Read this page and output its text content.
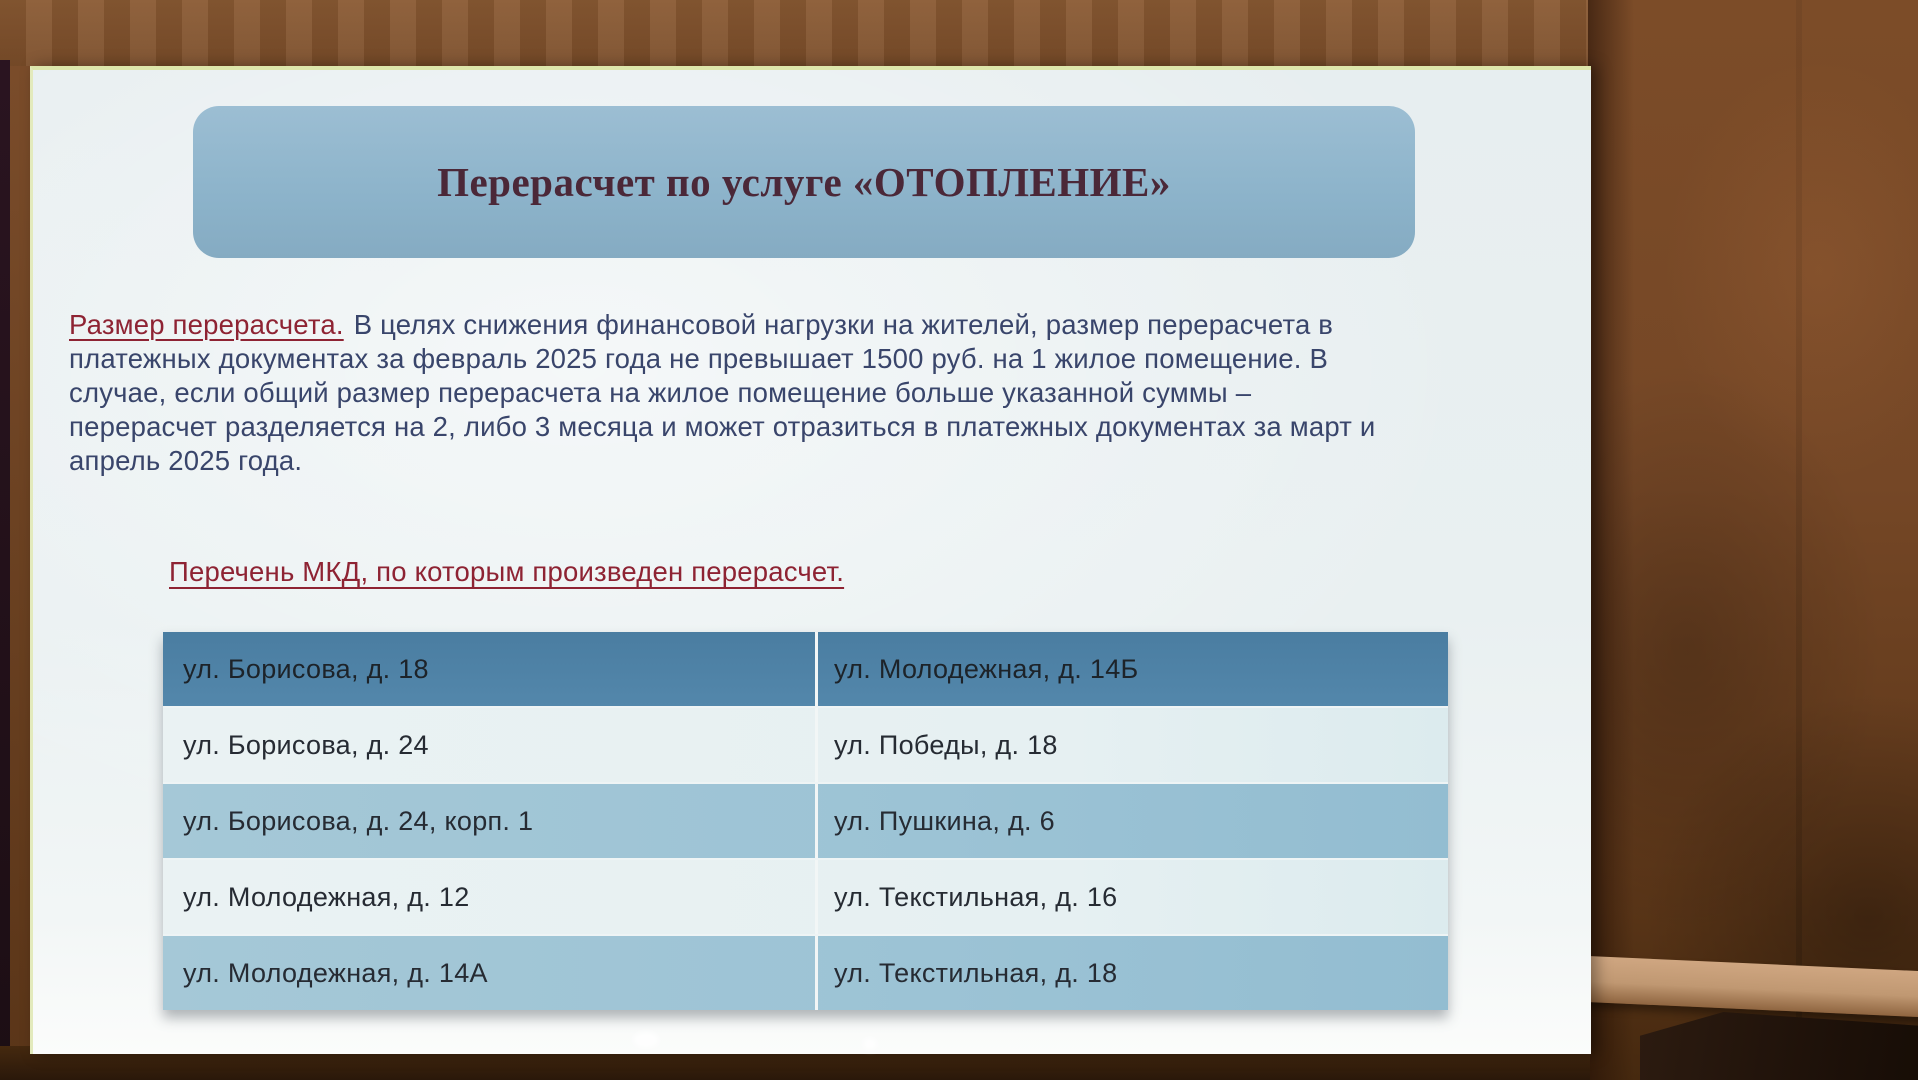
Перерасчет по услуге «ОТОПЛЕНИЕ»
Размер перерасчета. В целях снижения финансовой нагрузки на жителей, размер перерасчета в
платежных документах за февраль 2025 года не превышает 1500 руб. на 1 жилое помещение. В
случае, если общий размер перерасчета на жилое помещение больше указанной суммы –
перерасчет разделяется на 2, либо 3 месяца и может отразиться в платежных документах за март и
апрель 2025 года.
Перечень МКД, по которым произведен перерасчет.
ул. Борисова, д. 18	ул. Молодежная, д. 14Б
ул. Борисова, д. 24	ул. Победы, д. 18
ул. Борисова, д. 24, корп. 1	ул. Пушкина, д. 6
ул. Молодежная, д. 12	ул. Текстильная, д. 16
ул. Молодежная, д. 14А	ул. Текстильная, д. 18
